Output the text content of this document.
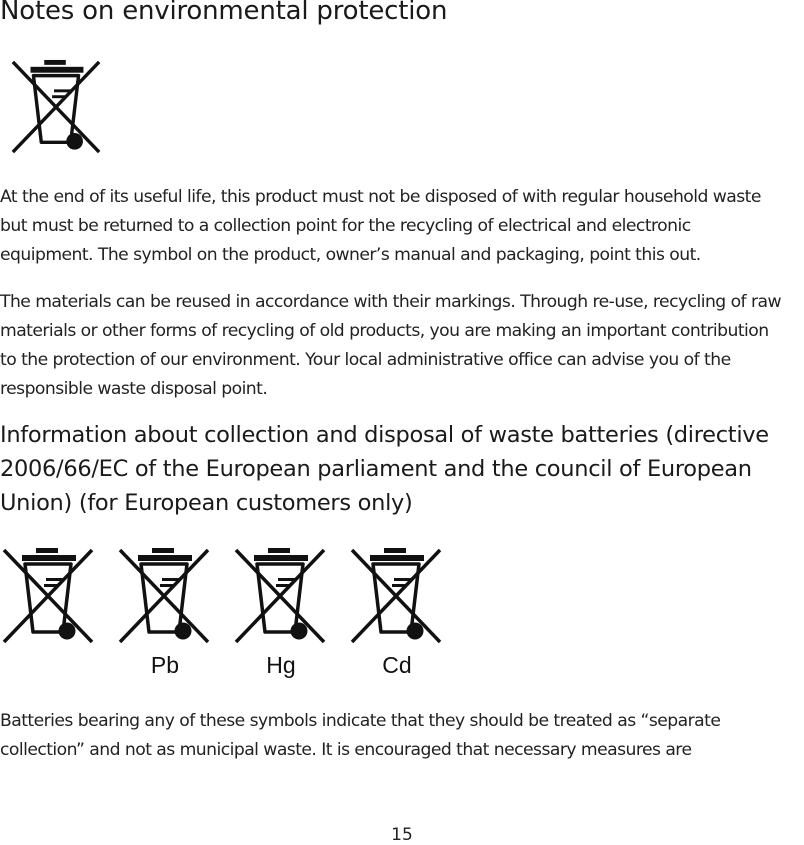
Notes on environmental protection

At the end of its useful life, this product must not be disposed of with regular household waste
but must be returned to a collection point for the recycling of electrical and electronic
equipment. The symbol on the product, owner’s manual and packaging, point this out.

The materials can be reused in accordance with their markings. Through re-use, recycling of raw
materials or other forms of recycling of old products, you are making an important contribution
to the protection of our environment. Your local administrative office can advise you of the
responsible waste disposal point.

Information about collection and disposal of waste batteries (directive
2006/66/EC of the European parliament and the council of European
Union) (for European customers only)
Pb	Hg	Cd

Batteries bearing any of these symbols indicate that they should be treated as “separate
collection” and not as municipal waste. It is encouraged that necessary measures are

15
